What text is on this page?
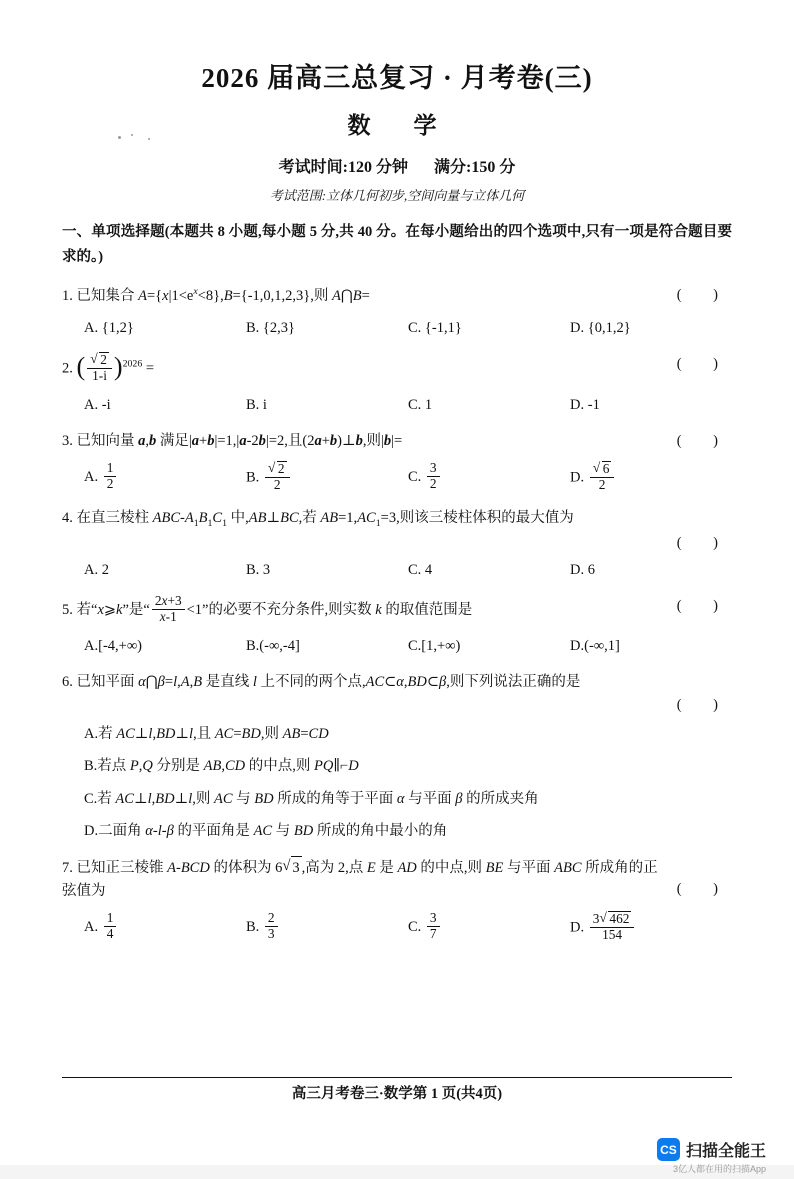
2026 届高三总复习 · 月考卷(三)
数　学
考试时间:120 分钟 满分:150 分
考试范围:立体几何初步,空间向量与立体几何
一、单项选择题(本题共 8 小题,每小题 5 分,共 40 分。在每小题给出的四个选项中,只有一项是符合题目要求的。)
1. 已知集合 $A=\{x|1<e^x<8\},B=\{-1,0,1,2,3\}$,则 A⋂B=	( )
A. {1,2}	B. {2,3}	C. {-1,1}	D. {0,1,2}
2. ( √ $\frac{2}{1-i} )^{2026}$ =	( )
A. -i	B. i	C. 1	D. -1
3. 已知向量 a,b 满足|a+b|=1,|a-2b|=2,且(2a+b)⊥b,则|b|=	( )
A. $\frac{1}{2}$	B. √ $\frac{2}{2}$	C. $\frac{3}{2}$	D. √ $\frac{6}{2}$
4. 在直三棱柱 ABC-$A_1B_1C_1$ 中,AB⊥BC,若 $AB=1,AC_1=3$,则该三棱柱体积的最大值为
( )
A. 2	B. 3	C. 4	D. 6
5. 若“x⩾k”是“ $\frac{2x+3}{x-1} <1$”的必要不充分条件,则实数 k 的取值范围是	( )
A.[-4,+∞)	B.(-∞,-4]	C.[1,+∞)	D.(-∞,1]
6. 已知平面 α⋂β=l,A,B 是直线 l 上不同的两个点,AC⊂α,BD⊂β,则下列说法正确的是
( )
A.若 AC⊥l,BD⊥l,且 AC=BD,则 AB=CD
B.若点 P,Q 分别是 AB,CD 的中点,则 PQ∥⌐D
C.若 AC⊥l,BD⊥l,则 AC 与 BD 所成的角等于平面 α 与平面 β 的所成夹角
D.二面角 α-l-β 的平面角是 AC 与 BD 所成的角中最小的角
7. 已知正三棱锥 A-BCD 的体积为 6 √ 3 ,高为 2,点 E 是 AD 的中点,则 BE 与平面 ABC 所成角的正弦值为	( )
A. $\frac{1}{4}$	B. $\frac{2}{3}$	C. $\frac{3}{7}$	D. $\frac{3 √ 462}{154}$
高三月考卷三·数学第 1 页(共4页)
CS 扫描全能王
3亿人都在用的扫描App
